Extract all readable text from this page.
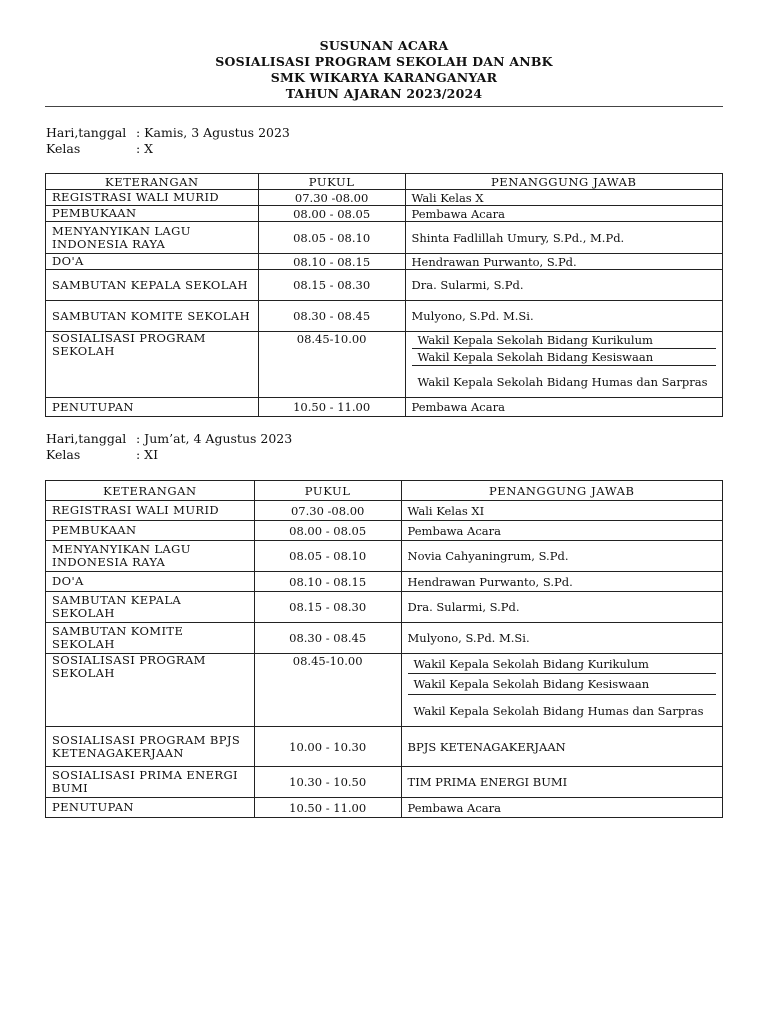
SUSUNAN ACARA
SOSIALISASI PROGRAM SEKOLAH DAN ANBK
SMK WIKARYA KARANGANYAR
TAHUN AJARAN 2023/2024
Hari,tanggal : Kamis, 3 Agustus 2023
Kelas	: X
KETERANGAN	PUKUL	PENANGGUNG JAWAB
REGISTRASI WALI MURID	07.30 -08.00	Wali Kelas X
PEMBUKAAN	08.00 - 08.05	Pembawa Acara
MENYANYIKAN LAGU INDONESIA RAYA	08.05 - 08.10	Shinta Fadlillah Umury, S.Pd., M.Pd.
DO'A	08.10 - 08.15	Hendrawan Purwanto, S.Pd.
SAMBUTAN KEPALA SEKOLAH	08.15 - 08.30	Dra. Sularmi, S.Pd.
SAMBUTAN KOMITE SEKOLAH	08.30 - 08.45	Mulyono, S.Pd. M.Si.
SOSIALISASI PROGRAM SEKOLAH	08.45-10.00	Wakil Kepala Sekolah Bidang Kurikulum
Wakil Kepala Sekolah Bidang Kesiswaan
Wakil Kepala Sekolah Bidang Humas dan Sarpras

PENUTUPAN	10.50 - 11.00	Pembawa Acara
Hari,tanggal : Jum’at, 4 Agustus 2023
Kelas	: XI
KETERANGAN	PUKUL	PENANGGUNG JAWAB
REGISTRASI WALI MURID	07.30 -08.00	Wali Kelas XI
PEMBUKAAN	08.00 - 08.05	Pembawa Acara
MENYANYIKAN LAGU INDONESIA RAYA	08.05 - 08.10	Novia Cahyaningrum, S.Pd.
DO'A	08.10 - 08.15	Hendrawan Purwanto, S.Pd.
SAMBUTAN KEPALA SEKOLAH	08.15 - 08.30	Dra. Sularmi, S.Pd.
SAMBUTAN KOMITE SEKOLAH	08.30 - 08.45	Mulyono, S.Pd. M.Si.
SOSIALISASI PROGRAM SEKOLAH	08.45-10.00	Wakil Kepala Sekolah Bidang Kurikulum
Wakil Kepala Sekolah Bidang Kesiswaan
Wakil Kepala Sekolah Bidang Humas dan Sarpras

SOSIALISASI PROGRAM BPJS KETENAGAKERJAAN	10.00 - 10.30	BPJS KETENAGAKERJAAN
SOSIALISASI PRIMA ENERGI BUMI	10.30 - 10.50	TIM PRIMA ENERGI BUMI
PENUTUPAN	10.50 - 11.00	Pembawa Acara
